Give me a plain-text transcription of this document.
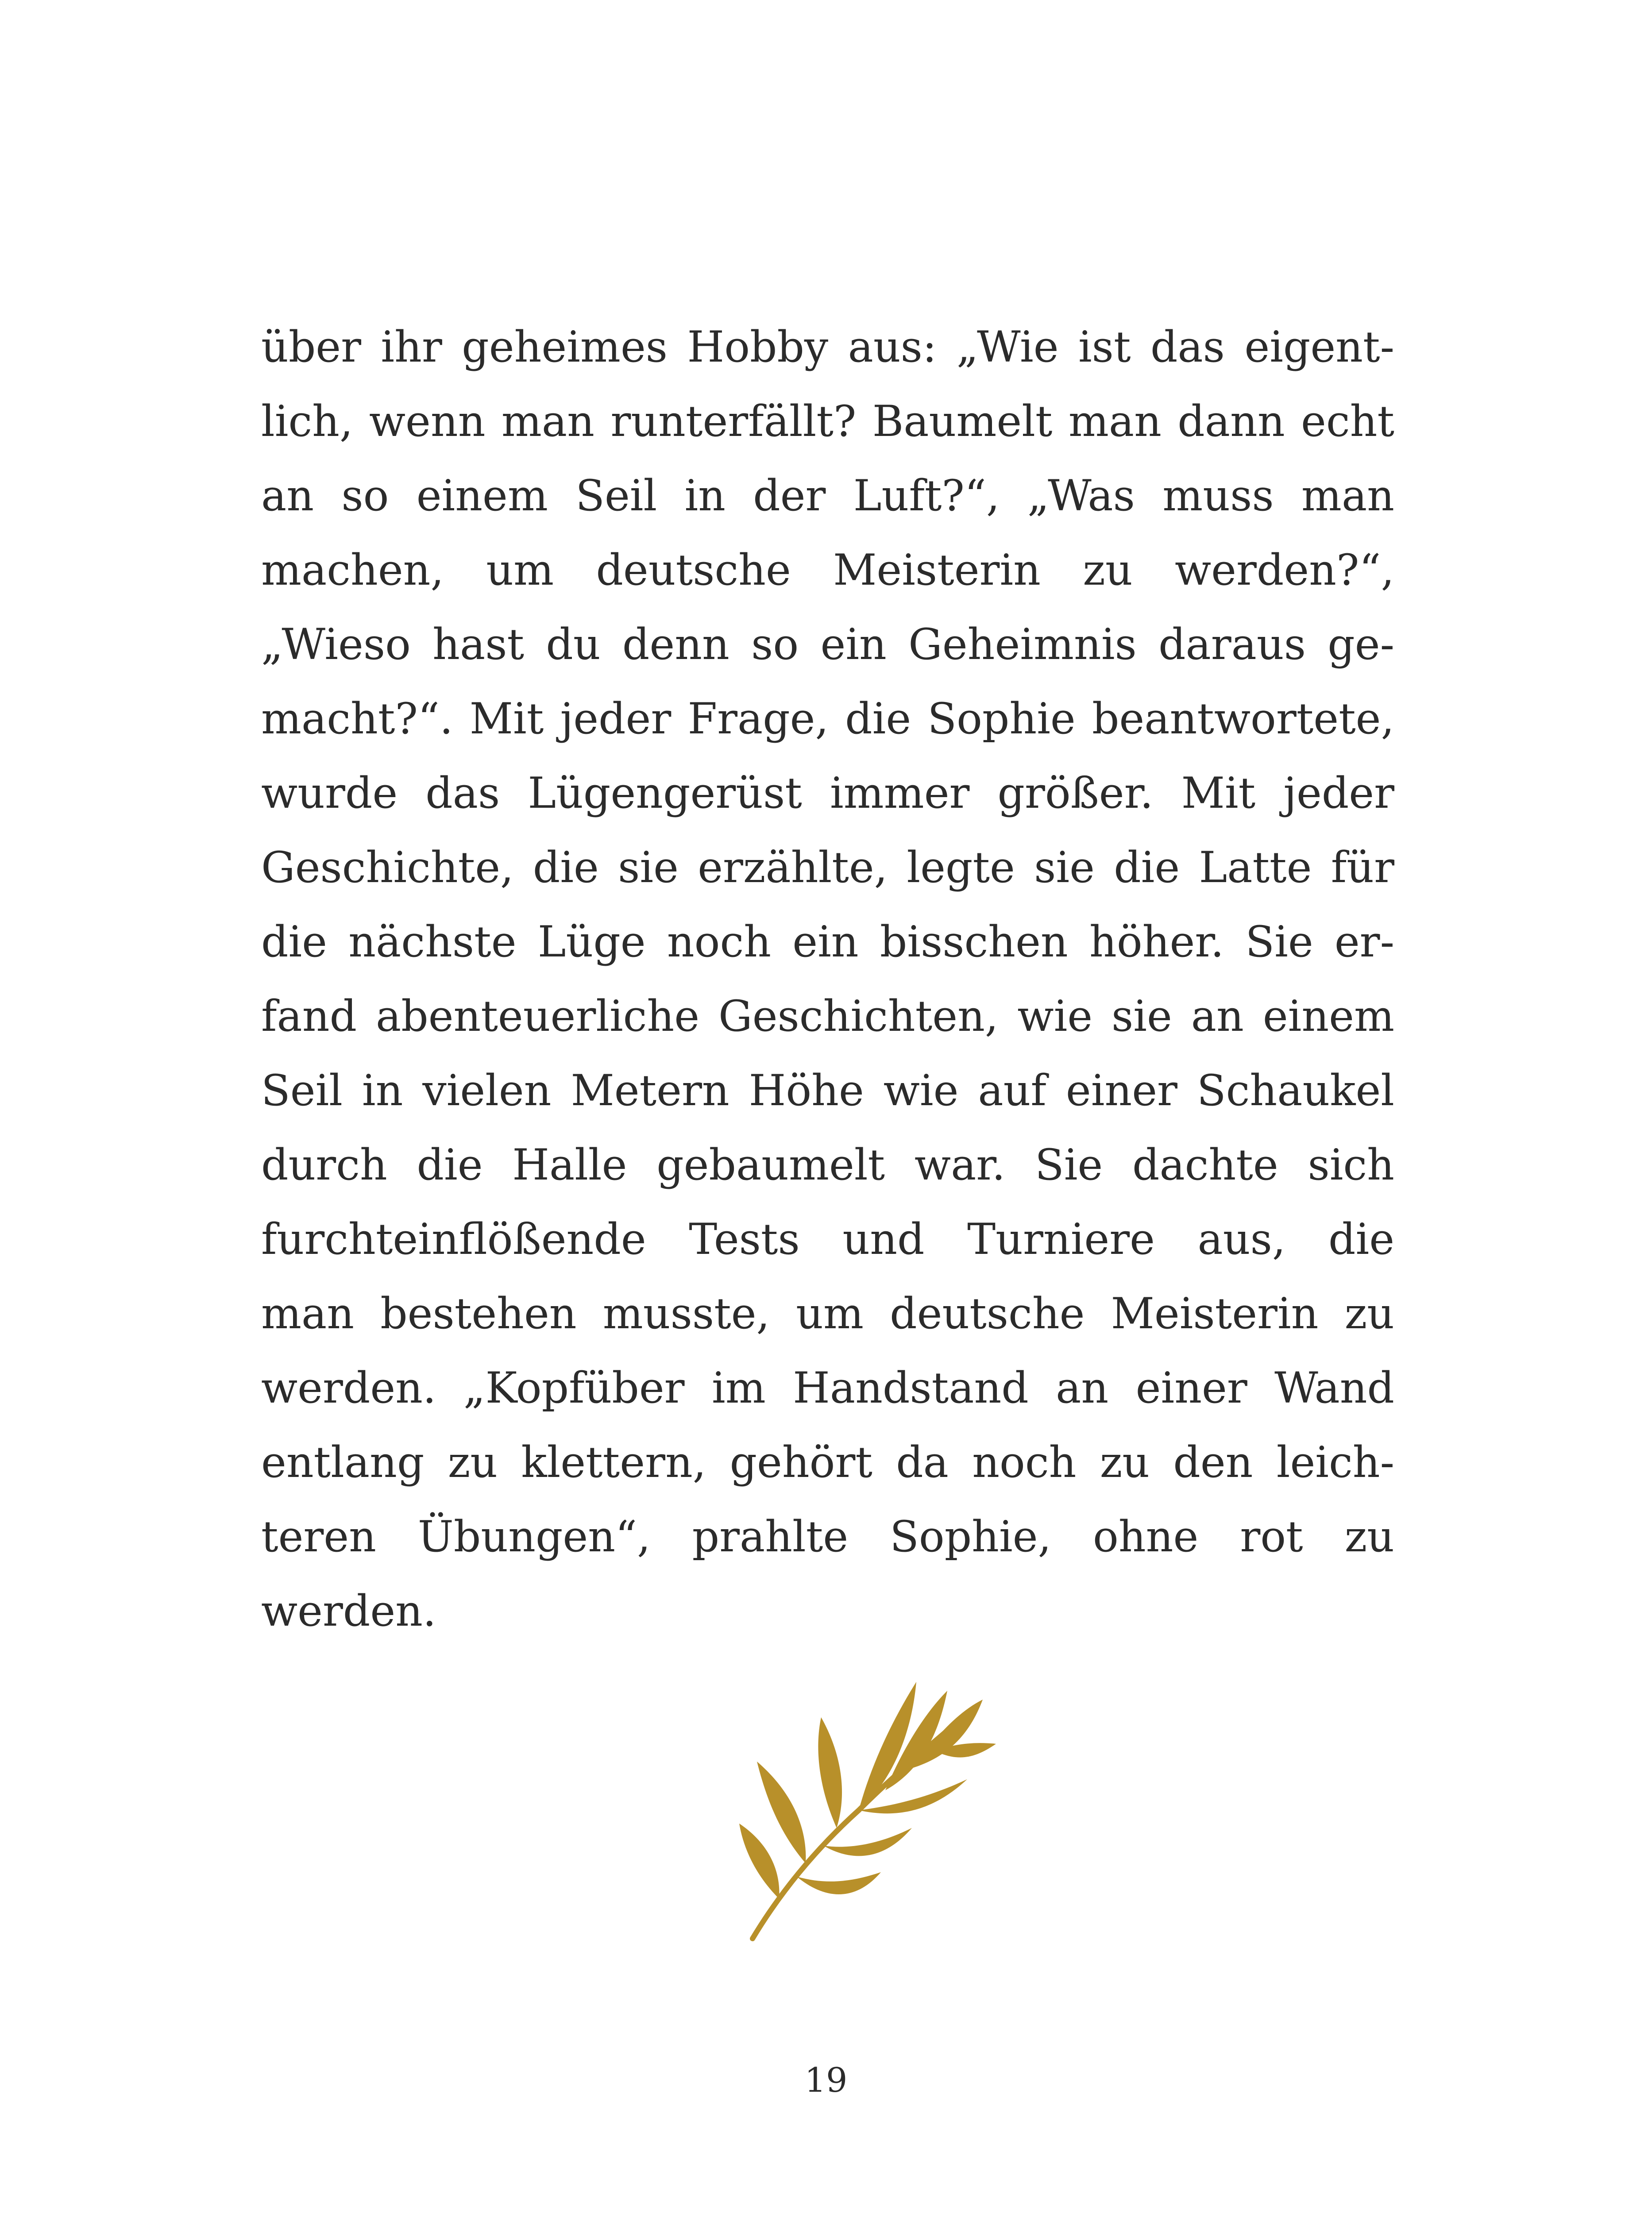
über ihr geheimes Hobby aus: „Wie ist das eigent-
lich, wenn man runterfällt? Baumelt man dann echt
an so einem Seil in der Luft?“, „Was muss man
machen, um deutsche Meisterin zu werden?“,
„Wieso hast du denn so ein Geheimnis daraus ge-
macht?“. Mit jeder Frage, die Sophie beantwortete,
wurde das Lügengerüst immer größer. Mit jeder
Geschichte, die sie erzählte, legte sie die Latte für
die nächste Lüge noch ein bisschen höher. Sie er-
fand abenteuerliche Geschichten, wie sie an einem
Seil in vielen Metern Höhe wie auf einer Schaukel
durch die Halle gebaumelt war. Sie dachte sich
furchteinflößende Tests und Turniere aus, die
man bestehen musste, um deutsche Meisterin zu
werden. „Kopfüber im Handstand an einer Wand
entlang zu klettern, gehört da noch zu den leich-
teren Übungen“, prahlte Sophie, ohne rot zu
werden.
19
